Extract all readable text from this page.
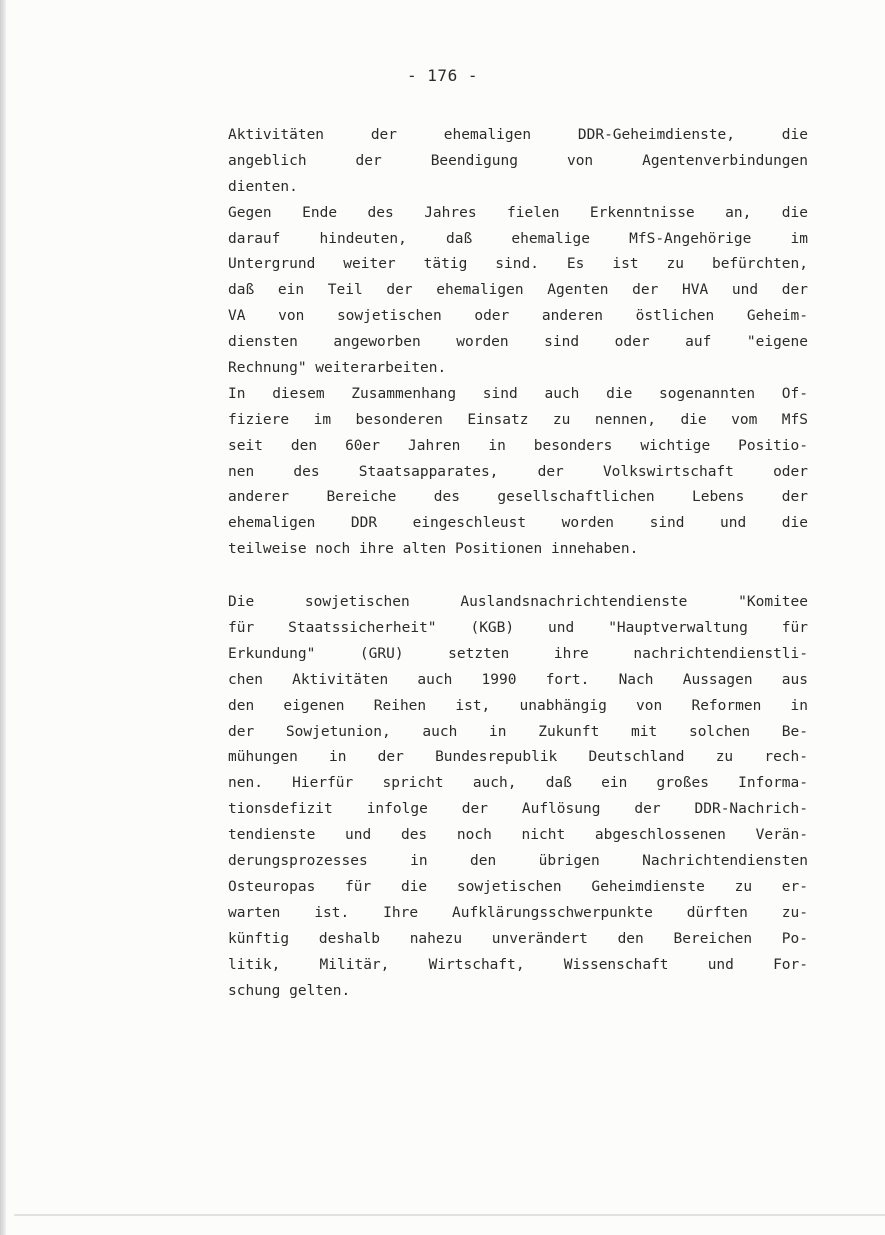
- 176 -
Aktivitäten der ehemaligen DDR-Geheimdienste, die
angeblich der Beendigung von Agentenverbindungen
dienten.
Gegen Ende des Jahres fielen Erkenntnisse an, die
darauf hindeuten, daß ehemalige MfS-Angehörige im
Untergrund weiter tätig sind. Es ist zu befürchten,
daß ein Teil der ehemaligen Agenten der HVA und der
VA von sowjetischen oder anderen östlichen Geheim-
diensten angeworben worden sind oder auf "eigene
Rechnung" weiterarbeiten.
In diesem Zusammenhang sind auch die sogenannten Of-
fiziere im besonderen Einsatz zu nennen, die vom MfS
seit den 60er Jahren in besonders wichtige Positio-
nen des Staatsapparates, der Volkswirtschaft oder
anderer Bereiche des gesellschaftlichen Lebens der
ehemaligen DDR eingeschleust worden sind und die
teilweise noch ihre alten Positionen innehaben.
Die sowjetischen Auslandsnachrichtendienste "Komitee
für Staatssicherheit" (KGB) und "Hauptverwaltung für
Erkundung" (GRU) setzten ihre nachrichtendienstli-
chen Aktivitäten auch 1990 fort. Nach Aussagen aus
den eigenen Reihen ist, unabhängig von Reformen in
der Sowjetunion, auch in Zukunft mit solchen Be-
mühungen in der Bundesrepublik Deutschland zu rech-
nen. Hierfür spricht auch, daß ein großes Informa-
tionsdefizit infolge der Auflösung der DDR-Nachrich-
tendienste und des noch nicht abgeschlossenen Verän-
derungsprozesses in den übrigen Nachrichtendiensten
Osteuropas für die sowjetischen Geheimdienste zu er-
warten ist. Ihre Aufklärungsschwerpunkte dürften zu-
künftig deshalb nahezu unverändert den Bereichen Po-
litik, Militär, Wirtschaft, Wissenschaft und For-
schung gelten.
